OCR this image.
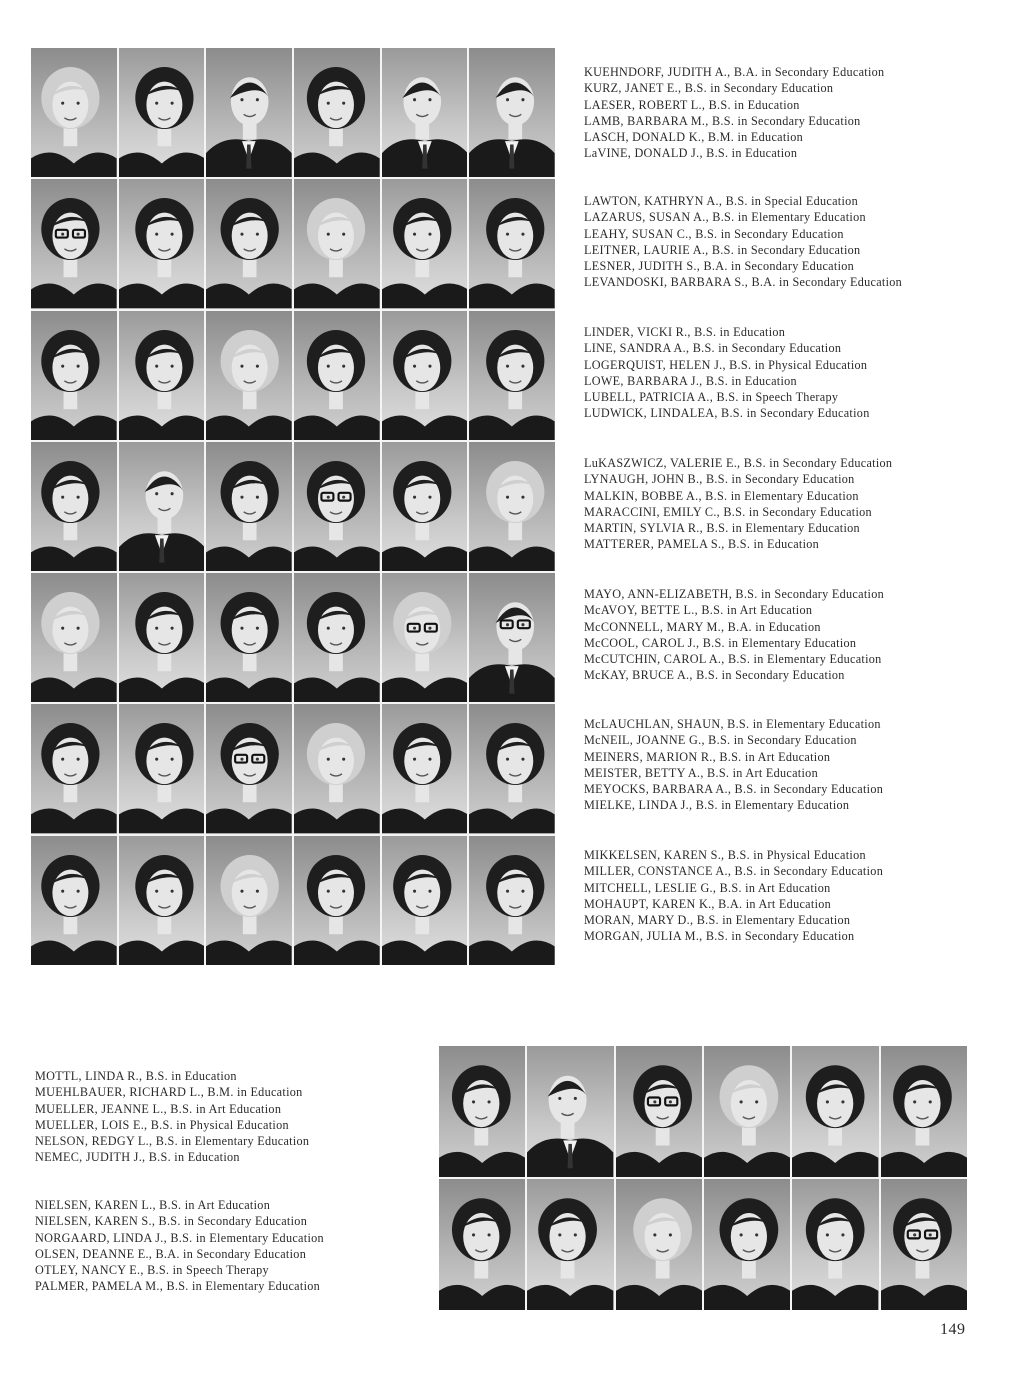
KUEHNDORF, JUDITH A., B.A. in Secondary Education
KURZ, JANET E., B.S. in Secondary Education
LAESER, ROBERT L., B.S. in Education
LAMB, BARBARA M., B.S. in Secondary Education
LASCH, DONALD K., B.M. in Education
LaVINE, DONALD J., B.S. in Education
LAWTON, KATHRYN A., B.S. in Special Education
LAZARUS, SUSAN A., B.S. in Elementary Education
LEAHY, SUSAN C., B.S. in Secondary Education
LEITNER, LAURIE A., B.S. in Secondary Education
LESNER, JUDITH S., B.A. in Secondary Education
LEVANDOSKI, BARBARA S., B.A. in Secondary Education
LINDER, VICKI R., B.S. in Education
LINE, SANDRA A., B.S. in Secondary Education
LOGERQUIST, HELEN J., B.S. in Physical Education
LOWE, BARBARA J., B.S. in Education
LUBELL, PATRICIA A., B.S. in Speech Therapy
LUDWICK, LINDALEA, B.S. in Secondary Education
LuKASZWICZ, VALERIE E., B.S. in Secondary Education
LYNAUGH, JOHN B., B.S. in Secondary Education
MALKIN, BOBBE A., B.S. in Elementary Education
MARACCINI, EMILY C., B.S. in Secondary Education
MARTIN, SYLVIA R., B.S. in Elementary Education
MATTERER, PAMELA S., B.S. in Education
MAYO, ANN-ELIZABETH, B.S. in Secondary Education
McAVOY, BETTE L., B.S. in Art Education
McCONNELL, MARY M., B.A. in Education
McCOOL, CAROL J., B.S. in Elementary Education
McCUTCHIN, CAROL A., B.S. in Elementary Education
McKAY, BRUCE A., B.S. in Secondary Education
McLAUCHLAN, SHAUN, B.S. in Elementary Education
McNEIL, JOANNE G., B.S. in Secondary Education
MEINERS, MARION R., B.S. in Art Education
MEISTER, BETTY A., B.S. in Art Education
MEYOCKS, BARBARA A., B.S. in Secondary Education
MIELKE, LINDA J., B.S. in Elementary Education
MIKKELSEN, KAREN S., B.S. in Physical Education
MILLER, CONSTANCE A., B.S. in Secondary Education
MITCHELL, LESLIE G., B.S. in Art Education
MOHAUPT, KAREN K., B.A. in Art Education
MORAN, MARY D., B.S. in Elementary Education
MORGAN, JULIA M., B.S. in Secondary Education
MOTTL, LINDA R., B.S. in Education
MUEHLBAUER, RICHARD L., B.M. in Education
MUELLER, JEANNE L., B.S. in Art Education
MUELLER, LOIS E., B.S. in Physical Education
NELSON, REDGY L., B.S. in Elementary Education
NEMEC, JUDITH J., B.S. in Education
NIELSEN, KAREN L., B.S. in Art Education
NIELSEN, KAREN S., B.S. in Secondary Education
NORGAARD, LINDA J., B.S. in Elementary Education
OLSEN, DEANNE E., B.A. in Secondary Education
OTLEY, NANCY E., B.S. in Speech Therapy
PALMER, PAMELA M., B.S. in Elementary Education
149
